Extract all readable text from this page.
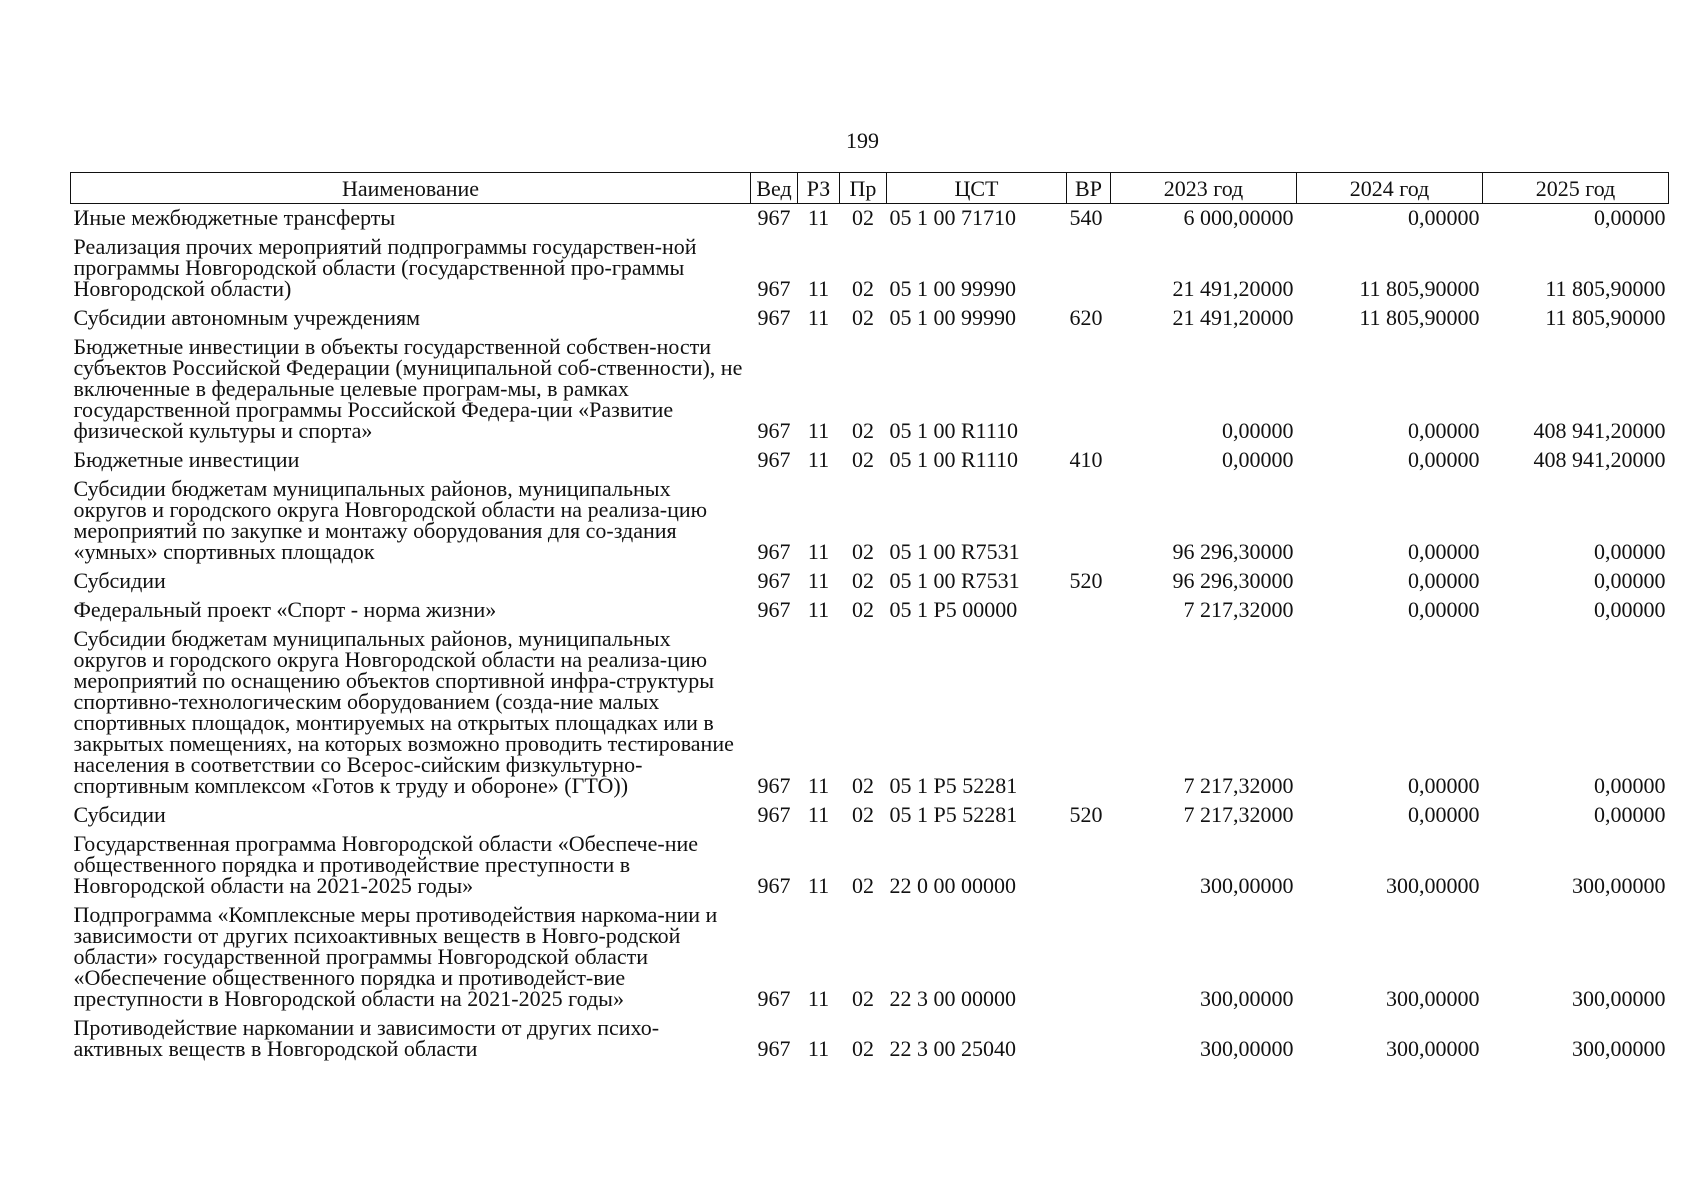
199
Наименование	Вед	РЗ	Пр	ЦСТ	ВР	2023 год	2024 год	2025 год
Иные межбюджетные трансферты	967	11	02	05 1 00 71710	540	6 000,00000	0,00000	0,00000
Реализация прочих мероприятий подпрограммы государствен-ной программы Новгородской области (государственной про-граммы Новгородской области)	967	11	02	05 1 00 99990		21 491,20000	11 805,90000	11 805,90000
Субсидии автономным учреждениям	967	11	02	05 1 00 99990	620	21 491,20000	11 805,90000	11 805,90000
Бюджетные инвестиции в объекты государственной собствен-ности субъектов Российской Федерации (муниципальной соб-ственности), не включенные в федеральные целевые програм-мы, в рамках государственной программы Российской Федера-ции «Развитие физической культуры и спорта»	967	11	02	05 1 00 R1110		0,00000	0,00000	408 941,20000
Бюджетные инвестиции	967	11	02	05 1 00 R1110	410	0,00000	0,00000	408 941,20000
Субсидии бюджетам муниципальных районов, муниципальных округов и городского округа Новгородской области на реализа-цию мероприятий по закупке и монтажу оборудования для со-здания «умных» спортивных площадок	967	11	02	05 1 00 R7531		96 296,30000	0,00000	0,00000
Субсидии	967	11	02	05 1 00 R7531	520	96 296,30000	0,00000	0,00000
Федеральный проект «Спорт - норма жизни»	967	11	02	05 1 P5 00000		7 217,32000	0,00000	0,00000
Субсидии бюджетам муниципальных районов, муниципальных округов и городского округа Новгородской области на реализа-цию мероприятий по оснащению объектов спортивной инфра-структуры спортивно-технологическим оборудованием (созда-ние малых спортивных площадок, монтируемых на открытых площадках или в закрытых помещениях, на которых возможно проводить тестирование населения в соответствии со Всерос-сийским физкультурно-спортивным комплексом «Готов к труду и обороне» (ГТО))	967	11	02	05 1 P5 52281		7 217,32000	0,00000	0,00000
Субсидии	967	11	02	05 1 P5 52281	520	7 217,32000	0,00000	0,00000
Государственная программа Новгородской области «Обеспече-ние общественного порядка и противодействие преступности в Новгородской области на 2021-2025 годы»	967	11	02	22 0 00 00000		300,00000	300,00000	300,00000
Подпрограмма «Комплексные меры противодействия наркома-нии и зависимости от других психоактивных веществ в Новго-родской области» государственной программы Новгородской области «Обеспечение общественного порядка и противодейст-вие преступности в Новгородской области на 2021-2025 годы»	967	11	02	22 3 00 00000		300,00000	300,00000	300,00000
Противодействие наркомании и зависимости от других психо-активных веществ в Новгородской области	967	11	02	22 3 00 25040		300,00000	300,00000	300,00000
